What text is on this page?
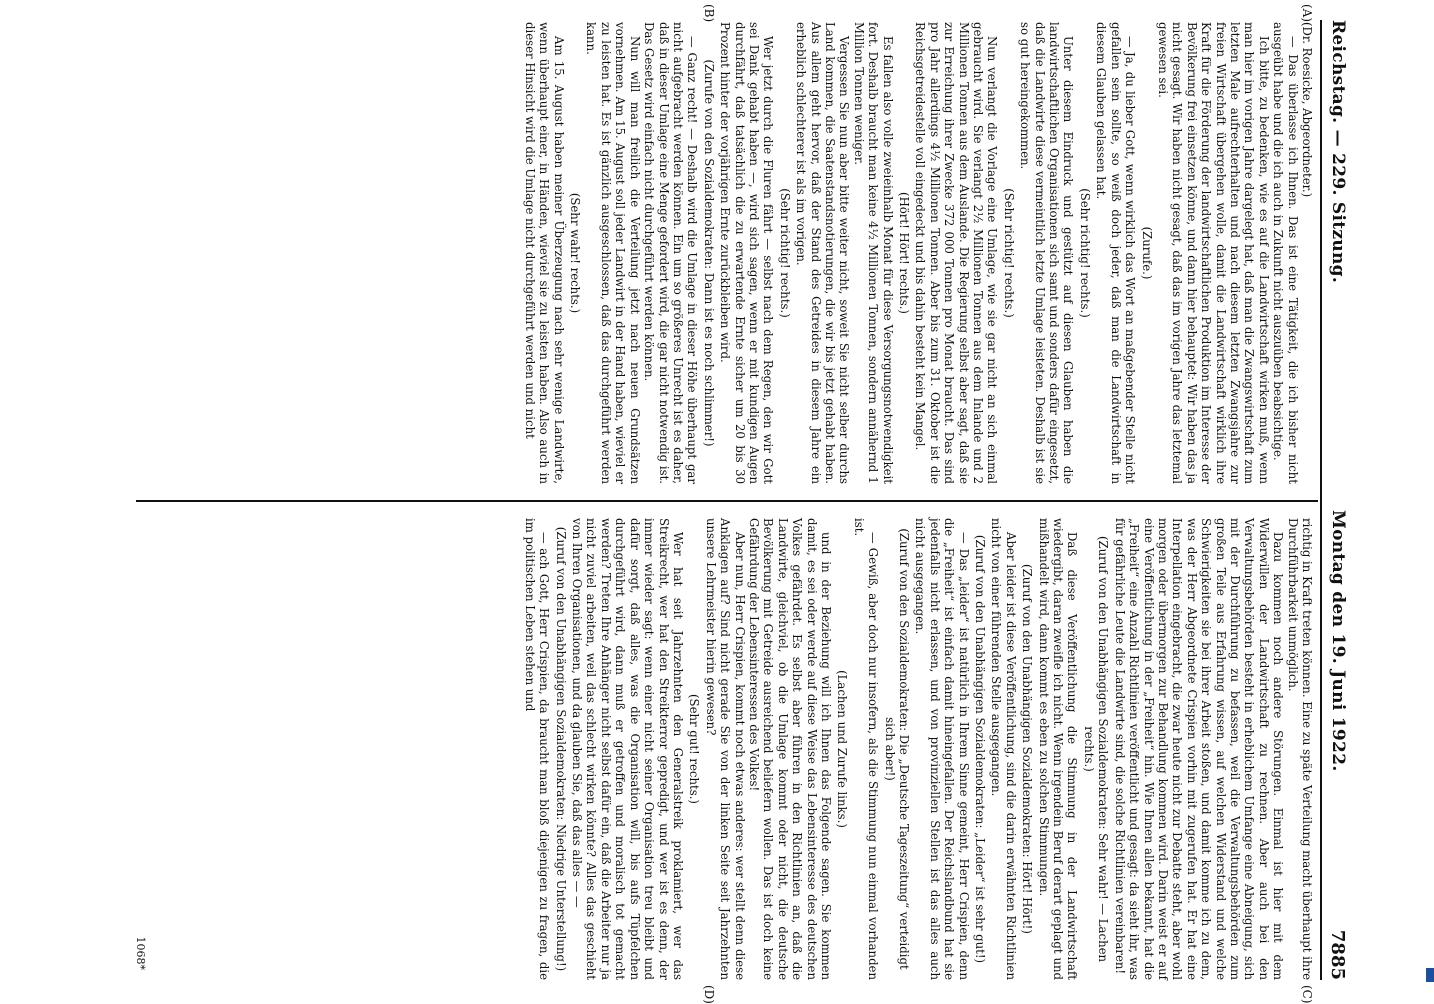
Reichstag. — 229. Sitzung.
Montag den 19. Juni 1922.
7885
(A)
(B)
(C)
(D)

(Dr. Roesicke, Abgeordneter.)

— Das überlasse ich Ihnen. Das ist eine Tätigkeit, die ich bisher nicht ausgeübt habe und die ich auch in Zukunft nicht auszuüben beabsichtige.

Ich bitte, zu bedenken, wie es auf die Landwirtschaft wirken muß, wenn man hier im vorigen Jahre dargelegt hat, daß man die Zwangswirtschaft zum letzten Male aufrechterhalten und nach diesem letzten Zwangsjahre zur freien Wirtschaft übergehen wolle, damit die Landwirtschaft wirklich ihre Kraft für die Förderung der landwirtschaftlichen Produktion im Interesse der Bevölkerung frei einsetzen könne, und dann hier behauptet: Wir haben das ja nicht gesagt. Wir haben nicht gesagt, daß das im vorigen Jahre das letztemal gewesen sei.

(Zurufe.)

— Ja, du lieber Gott, wenn wirklich das Wort an maßgebender Stelle nicht gefallen sein sollte, so weiß doch jeder, daß man die Landwirtschaft in diesem Glauben gelassen hat.

(Sehr richtig! rechts.)

Unter diesem Eindruck und gestützt auf diesen Glauben haben die landwirtschaftlichen Organisationen sich samt und sonders dafür eingesetzt, daß die Landwirte diese vermeintlich letzte Umlage leisteten. Deshalb ist sie so gut hereingekommen.

(Sehr richtig! rechts.)

Nun verlangt die Vorlage eine Umlage, wie sie gar nicht an sich einmal gebraucht wird. Sie verlangt 2½ Millionen Tonnen aus dem Inlande und 2 Millionen Tonnen aus dem Auslande. Die Regierung selbst aber sagt, daß sie zur Erreichung ihrer Zwecke 372 000 Tonnen pro Monat braucht. Das sind pro Jahr allerdings 4½ Millionen Tonnen. Aber bis zum 31. Oktober ist die Reichsgetreidestelle voll eingedeckt und bis dahin besteht kein Mangel.

(Hört! Hört! rechts.)

Es fallen also volle zweieinhalb Monat für diese Versorgungsnotwendigkeit fort. Deshalb braucht man keine 4½ Millionen Tonnen, sondern annähernd 1 Million Tonnen weniger.

Vergessen Sie nun aber bitte weiter nicht, soweit Sie nicht selber durchs Land kommen, die Saatenstandsnotierungen, die wir bis jetzt gehabt haben. Aus allem geht hervor, daß der Stand des Getreides in diesem Jahre ein erheblich schlechterer ist als im vorigen.

(Sehr richtig! rechts.)

Wer jetzt durch die Fluren fährt — selbst nach dem Regen, den wir Gott sei Dank gehabt haben —, wird sich sagen, wenn er mit kundigen Augen durchfährt, daß tatsächlich die zu erwartende Ernte sicher um 20 bis 30 Prozent hinter der vorjährigen Ernte zurückbleiben wird.

(Zurufe von den Sozialdemokraten: Dann ist es noch schlimmer!)

— Ganz recht! — Deshalb wird die Umlage in dieser Höhe überhaupt gar nicht aufgebracht werden können. Ein um so größeres Unrecht ist es daher, daß in dieser Umlage eine Menge gefordert wird, die gar nicht notwendig ist. Das Gesetz wird einfach nicht durchgeführt werden können.

Nun will man freilich die Verteilung jetzt nach neuen Grundsätzen vornehmen. Am 15. August soll jeder Landwirt in der Hand haben, wieviel er zu leisten hat. Es ist gänzlich ausgeschlossen, daß das durchgeführt werden kann.

(Sehr wahr! rechts.)

Am 15. August haben meiner Überzeugung nach sehr wenige Landwirte, wenn überhaupt einer, in Händen, wieviel sie zu leisten haben. Also auch in dieser Hinsicht wird die Umlage nicht durchgeführt werden und nicht

richtig in Kraft treten können. Eine zu späte Verteilung macht überhaupt ihre Durchführbarkeit unmöglich.

Dazu kommen noch andere Störungen. Einmal ist hier mit dem Widerwillen der Landwirtschaft zu rechnen. Aber auch bei den Verwaltungsbehörden besteht in erheblichem Umfange eine Abneigung, sich mit der Durchführung zu befassen, weil die Verwaltungsbehörden zum großen Teile aus Erfahrung wissen, auf welchen Widerstand und welche Schwierigkeiten sie bei ihrer Arbeit stoßen, und damit komme ich zu dem, was der Herr Abgeordnete Crispien vorhin mit zugerufen hat. Er hat eine Interpellation eingebracht, die zwar heute nicht zur Debatte steht, aber wohl morgen oder übermorgen zur Behandlung kommen wird. Darin weist er auf eine Veröffentlichung in der „Freiheit“ hin. Wie Ihnen allen bekannt, hat die „Freiheit“ eine Anzahl Richtlinien veröffentlicht und gesagt: da sieht ihr, was für gefährliche Leute die Landwirte sind, die solche Richtlinien vereinbaren!

(Zuruf von den Unabhängigen Sozialdemokraten: Sehr wahr! — Lachen rechts.)

Daß diese Veröffentlichung die Stimmung in der Landwirtschaft wiedergibt, daran zweifle ich nicht. Wenn irgendein Beruf derart geplagt und mißhandelt wird, dann kommt es eben zu solchen Stimmungen.

(Zuruf von den Unabhängigen Sozialdemokraten: Hört! Hört!)

Aber leider ist diese Veröffentlichung, sind die darin erwähnten Richtlinien nicht von einer führenden Stelle ausgegangen.

(Zuruf von den Unabhängigen Sozialdemokraten: „Leider“ ist sehr gut!)

— Das „leider“ ist natürlich in Ihrem Sinne gemeint, Herr Crispien, denn die „Freiheit“ ist einfach damit hineingefallen. Der Reichslandbund hat sie jedenfalls nicht erlassen, und von provinziellen Stellen ist das alles auch nicht ausgegangen.

(Zuruf von den Sozialdemokraten: Die „Deutsche Tageszeitung“ verteidigt sich aber!)

— Gewiß, aber doch nur insofern, als die Stimmung nun einmal vorhanden ist.

(Lachen und Zurufe links.)

und in der Beziehung will ich Ihnen das Folgende sagen. Sie kommen damit, es sei oder werde auf diese Weise das Lebensinteresse des deutschen Volkes gefährdet. Es selbst aber führen in den Richtlinien an, daß die Landwirte, gleichviel, ob die Umlage kommt oder nicht, die deutsche Bevölkerung mit Getreide ausreichend beliefern wollen. Das ist doch keine Gefährdung der Lebensinteressen des Volkes!

Aber nun, Herr Crispien, kommt noch etwas anderes: wer stellt denn diese Anklagen auf? Sind nicht gerade Sie von der linken Seite seit Jahrzehnten unsere Lehrmeister hierin gewesen?

(Sehr gut! rechts.)

Wer hat seit Jahrzehnten den Generalstreik proklamiert, wer das Streikrecht, wer hat den Streikterror gepredigt, und wer ist es denn, der immer wieder sagt: wenn einer nicht seiner Organisation treu bleibt und dafür sorgt, daß alles, was die Organisation will, bis aufs Tüpfelchen durchgeführt wird, dann muß er getroffen und moralisch tot gemacht werden? Treten Ihre Anhänger nicht selbst dafür ein, daß die Arbeiter nur ja nicht zuviel arbeiten, weil das schlecht wirken könnte? Alles das geschieht von Ihren Organisationen, und da glauben Sie, daß das alles — —

(Zuruf von den Unabhängigen Sozialdemokraten: Niedrige Unterstellung!)

— ach Gott, Herr Crispien, da braucht man bloß diejenigen zu fragen, die im politischen Leben stehen und

1068*
